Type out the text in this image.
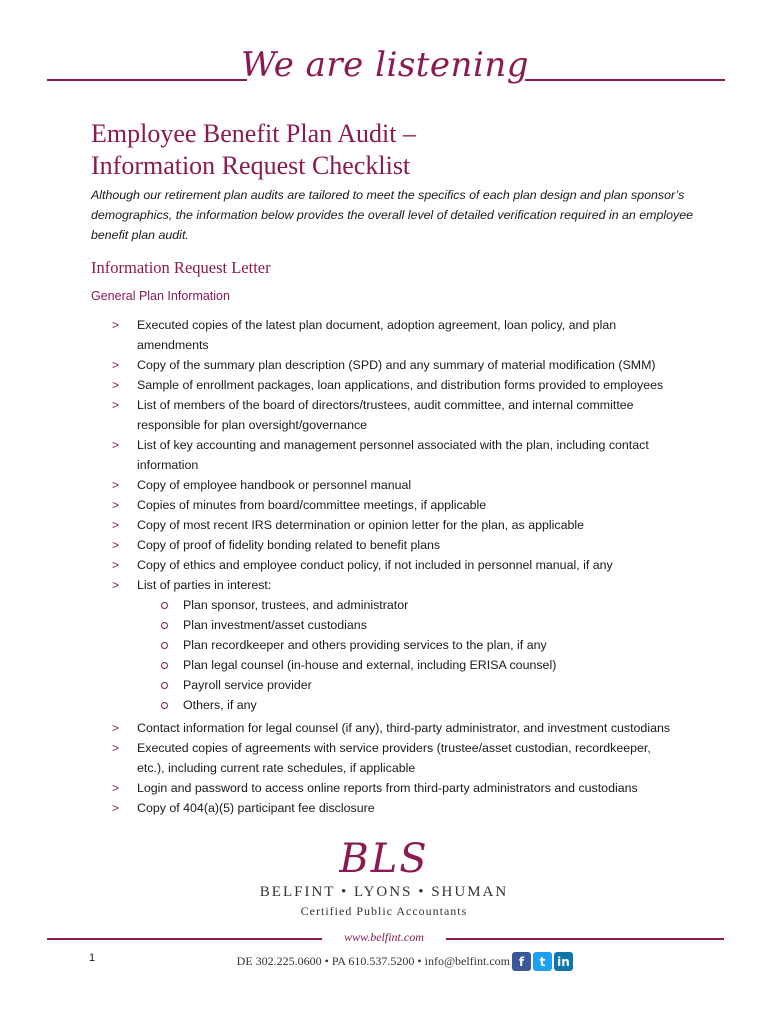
We are listening
Employee Benefit Plan Audit –
Information Request Checklist
Although our retirement plan audits are tailored to meet the specifics of each plan design and plan sponsor’s demographics, the information below provides the overall level of detailed verification required in an employee benefit plan audit.
Information Request Letter
General Plan Information
> Executed copies of the latest plan document, adoption agreement, loan policy, and plan amendments
> Copy of the summary plan description (SPD) and any summary of material modification (SMM)
> Sample of enrollment packages, loan applications, and distribution forms provided to employees
> List of members of the board of directors/trustees, audit committee, and internal committee responsible for plan oversight/governance
> List of key accounting and management personnel associated with the plan, including contact information
> Copy of employee handbook or personnel manual
> Copies of minutes from board/committee meetings, if applicable
> Copy of most recent IRS determination or opinion letter for the plan, as applicable
> Copy of proof of fidelity bonding related to benefit plans
> Copy of ethics and employee conduct policy, if not included in personnel manual, if any
> List of parties in interest:
Plan sponsor, trustees, and administrator
Plan investment/asset custodians
Plan recordkeeper and others providing services to the plan, if any
Plan legal counsel (in-house and external, including ERISA counsel)
Payroll service provider
Others, if any
> Contact information for legal counsel (if any), third-party administrator, and investment custodians
> Executed copies of agreements with service providers (trustee/asset custodian, recordkeeper, etc.), including current rate schedules, if applicable
> Login and password to access online reports from third-party administrators and custodians
> Copy of 404(a)(5) participant fee disclosure
BLS
BELFINT • LYONS • SHUMAN
Certified Public Accountants
www.belfint.com
1	DE 302.225.0600 • PA 610.537.5200 • info@belfint.com f	t in
